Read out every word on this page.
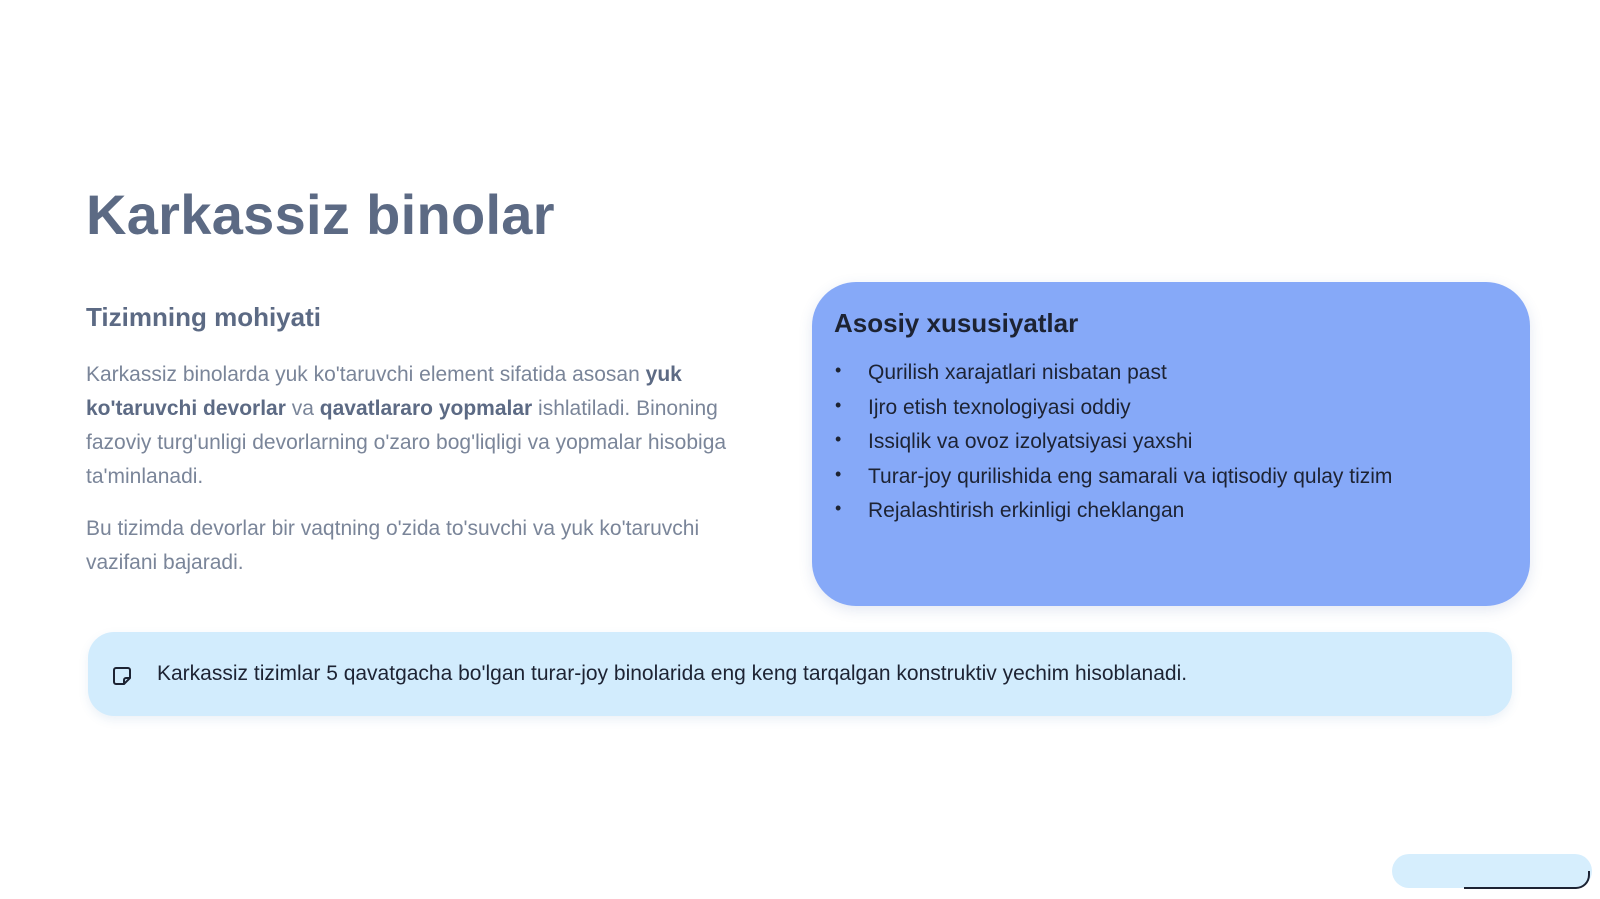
Karkassiz binolar
Tizimning mohiyati

Karkassiz binolarda yuk ko'taruvchi element sifatida asosan yuk ko'taruvchi devorlar va qavatlararo yopmalar ishlatiladi. Binoning fazoviy turg'unligi devorlarning o'zaro bog'liqligi va yopmalar hisobiga ta'minlanadi.

Bu tizimda devorlar bir vaqtning o'zida to'suvchi va yuk ko'taruvchi vazifani bajaradi.

Asosiy xususiyatlar
• Qurilish xarajatlari nisbatan past
• Ijro etish texnologiyasi oddiy
• Issiqlik va ovoz izolyatsiyasi yaxshi
• Turar-joy qurilishida eng samarali va iqtisodiy qulay tizim
• Rejalashtirish erkinligi cheklangan
Karkassiz tizimlar 5 qavatgacha bo'lgan turar-joy binolarida eng keng tarqalgan konstruktiv yechim hisoblanadi.
